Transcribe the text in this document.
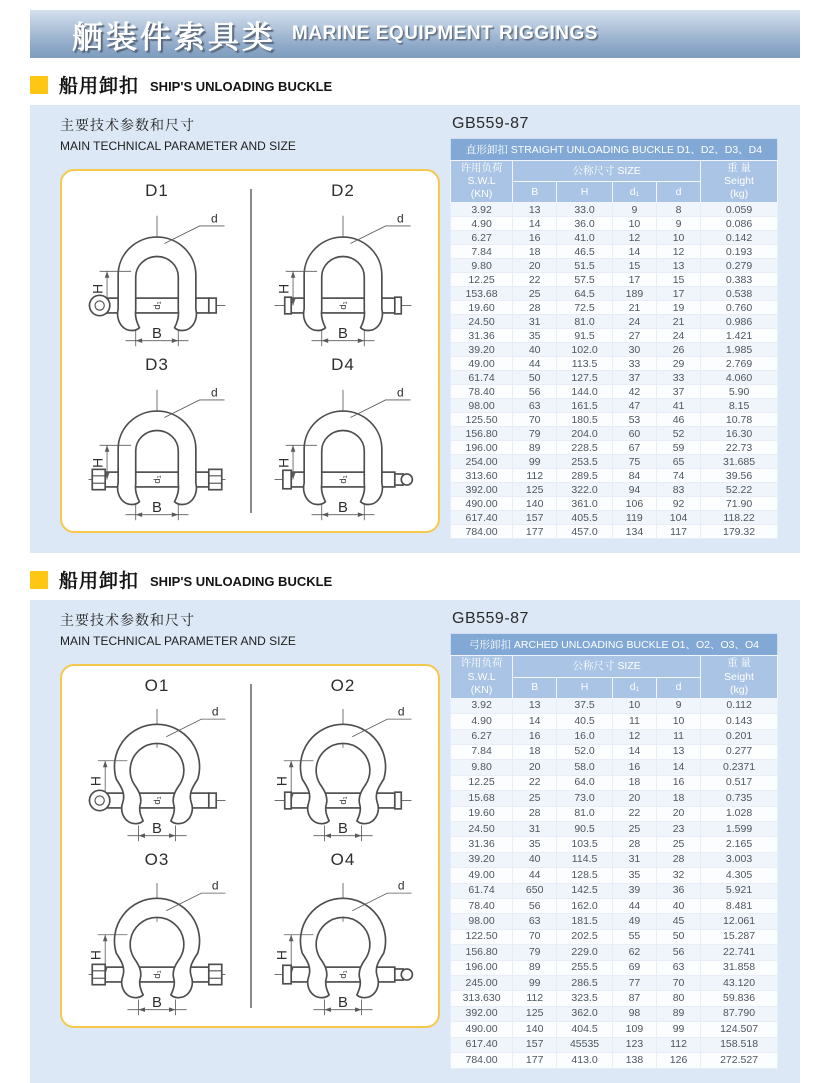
舾装件索具类 MARINE EQUIPMENT RIGGINGS
船用卸扣 SHIP'S UNLOADING BUCKLE
主要技术参数和尺寸
MAIN TECHNICAL PARAMETER AND SIZE
D1
d
H
B
d₁
D2
d
H
B
d₁
D3
d
H
B
d₁
D4
d
H
B
d₁
GB559-87
直形卸扣 STRAIGHT UNLOADING BUCKLE D1、D2、D3、D4
许用负荷
S.W.L
(KN)
	公称尺寸 SIZE	重 量
Seight
(kg)

	B	H	d₁	d	
3.92	13	33.0	9	8	0.059
4.90	14	36.0	10	9	0.086
6.27	16	41.0	12	10	0.142
7.84	18	46.5	14	12	0.193
9.80	20	51.5	15	13	0.279
12.25	22	57.5	17	15	0.383
153.68	25	64.5	189	17	0.538
19.60	28	72.5	21	19	0.760
24.50	31	81.0	24	21	0.986
31.36	35	91.5	27	24	1.421
39.20	40	102.0	30	26	1.985
49.00	44	113.5	33	29	2.769
61.74	50	127.5	37	33	4.060
78.40	56	144.0	42	37	5.90
98.00	63	161.5	47	41	8.15
125.50	70	180.5	53	46	10.78
156.80	79	204.0	60	52	16.30
196.00	89	228.5	67	59	22.73
254.00	99	253.5	75	65	31.685
313.60	112	289.5	84	74	39.56
392.00	125	322.0	94	83	52.22
490.00	140	361.0	106	92	71.90
617.40	157	405.5	119	104	118.22
784.00	177	457.0	134	117	179.32
船用卸扣 SHIP'S UNLOADING BUCKLE
主要技术参数和尺寸
MAIN TECHNICAL PARAMETER AND SIZE
O1
d
H
B
d₁
O2
d
H
B
d₁
O3
d
H
B
d₁
O4
d
H
B
d₁
GB559-87
弓形卸扣 ARCHED UNLOADING BUCKLE O1、O2、O3、O4
许用负荷
S.W.L
(KN)
	公称尺寸 SIZE	重 量
Seight
(kg)

	B	H	d₁	d	
3.92	13	37.5	10	9	0.112
4.90	14	40.5	11	10	0.143
6.27	16	16.0	12	11	0.201
7.84	18	52.0	14	13	0.277
9.80	20	58.0	16	14	0.2371
12.25	22	64.0	18	16	0.517
15.68	25	73.0	20	18	0.735
19.60	28	81.0	22	20	1.028
24.50	31	90.5	25	23	1.599
31.36	35	103.5	28	25	2.165
39.20	40	114.5	31	28	3.003
49.00	44	128.5	35	32	4.305
61.74	650	142.5	39	36	5.921
78.40	56	162.0	44	40	8.481
98.00	63	181.5	49	45	12.061
122.50	70	202.5	55	50	15.287
156.80	79	229.0	62	56	22.741
196.00	89	255.5	69	63	31.858
245.00	99	286.5	77	70	43.120
313.630	112	323.5	87	80	59.836
392.00	125	362.0	98	89	87.790
490.00	140	404.5	109	99	124.507
617.40	157	45535	123	112	158.518
784.00	177	413.0	138	126	272.527
